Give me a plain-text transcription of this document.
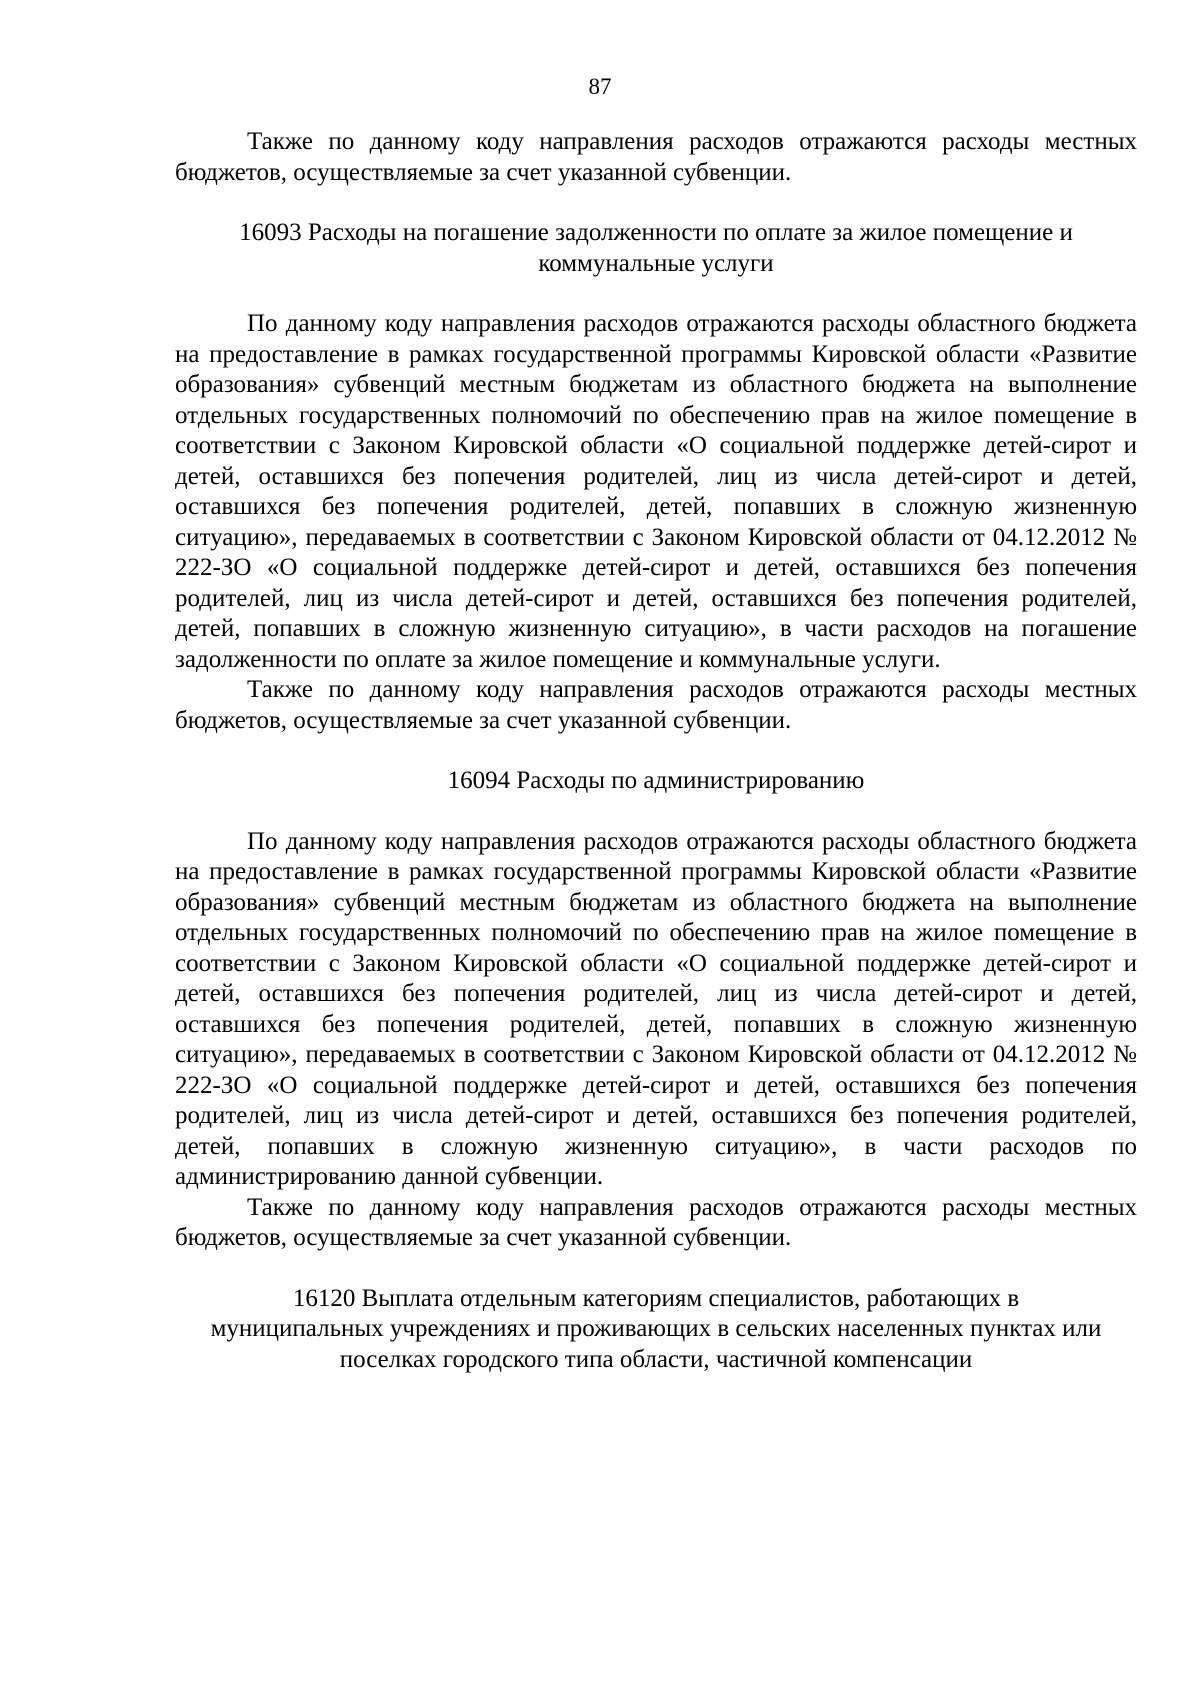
87

Также по данному коду направления расходов отражаются расходы местных бюджетов, осуществляемые за счет указанной субвенции.

16093 Расходы на погашение задолженности по оплате за жилое помещение и коммунальные услуги

По данному коду направления расходов отражаются расходы областного бюджета на предоставление в рамках государственной программы Кировской области «Развитие образования» субвенций местным бюджетам из областного бюджета на выполнение отдельных государственных полномочий по обеспечению прав на жилое помещение в соответствии с Законом Кировской области «О социальной поддержке детей-сирот и детей, оставшихся без попечения родителей, лиц из числа детей-сирот и детей, оставшихся без попечения родителей, детей, попавших в сложную жизненную ситуацию», передаваемых в соответствии с Законом Кировской области от 04.12.2012 № 222-ЗО «О социальной поддержке детей-сирот и детей, оставшихся без попечения родителей, лиц из числа детей-сирот и детей, оставшихся без попечения родителей, детей, попавших в сложную жизненную ситуацию», в части расходов на погашение задолженности по оплате за жилое помещение и коммунальные услуги.

Также по данному коду направления расходов отражаются расходы местных бюджетов, осуществляемые за счет указанной субвенции.

16094 Расходы по администрированию

По данному коду направления расходов отражаются расходы областного бюджета на предоставление в рамках государственной программы Кировской области «Развитие образования» субвенций местным бюджетам из областного бюджета на выполнение отдельных государственных полномочий по обеспечению прав на жилое помещение в соответствии с Законом Кировской области «О социальной поддержке детей-сирот и детей, оставшихся без попечения родителей, лиц из числа детей-сирот и детей, оставшихся без попечения родителей, детей, попавших в сложную жизненную ситуацию», передаваемых в соответствии с Законом Кировской области от 04.12.2012 № 222-ЗО «О социальной поддержке детей-сирот и детей, оставшихся без попечения родителей, лиц из числа детей-сирот и детей, оставшихся без попечения родителей, детей, попавших в сложную жизненную ситуацию», в части расходов по администрированию данной субвенции.

Также по данному коду направления расходов отражаются расходы местных бюджетов, осуществляемые за счет указанной субвенции.

16120 Выплата отдельным категориям специалистов, работающих в муниципальных учреждениях и проживающих в сельских населенных пунктах или поселках городского типа области, частичной компенсации
